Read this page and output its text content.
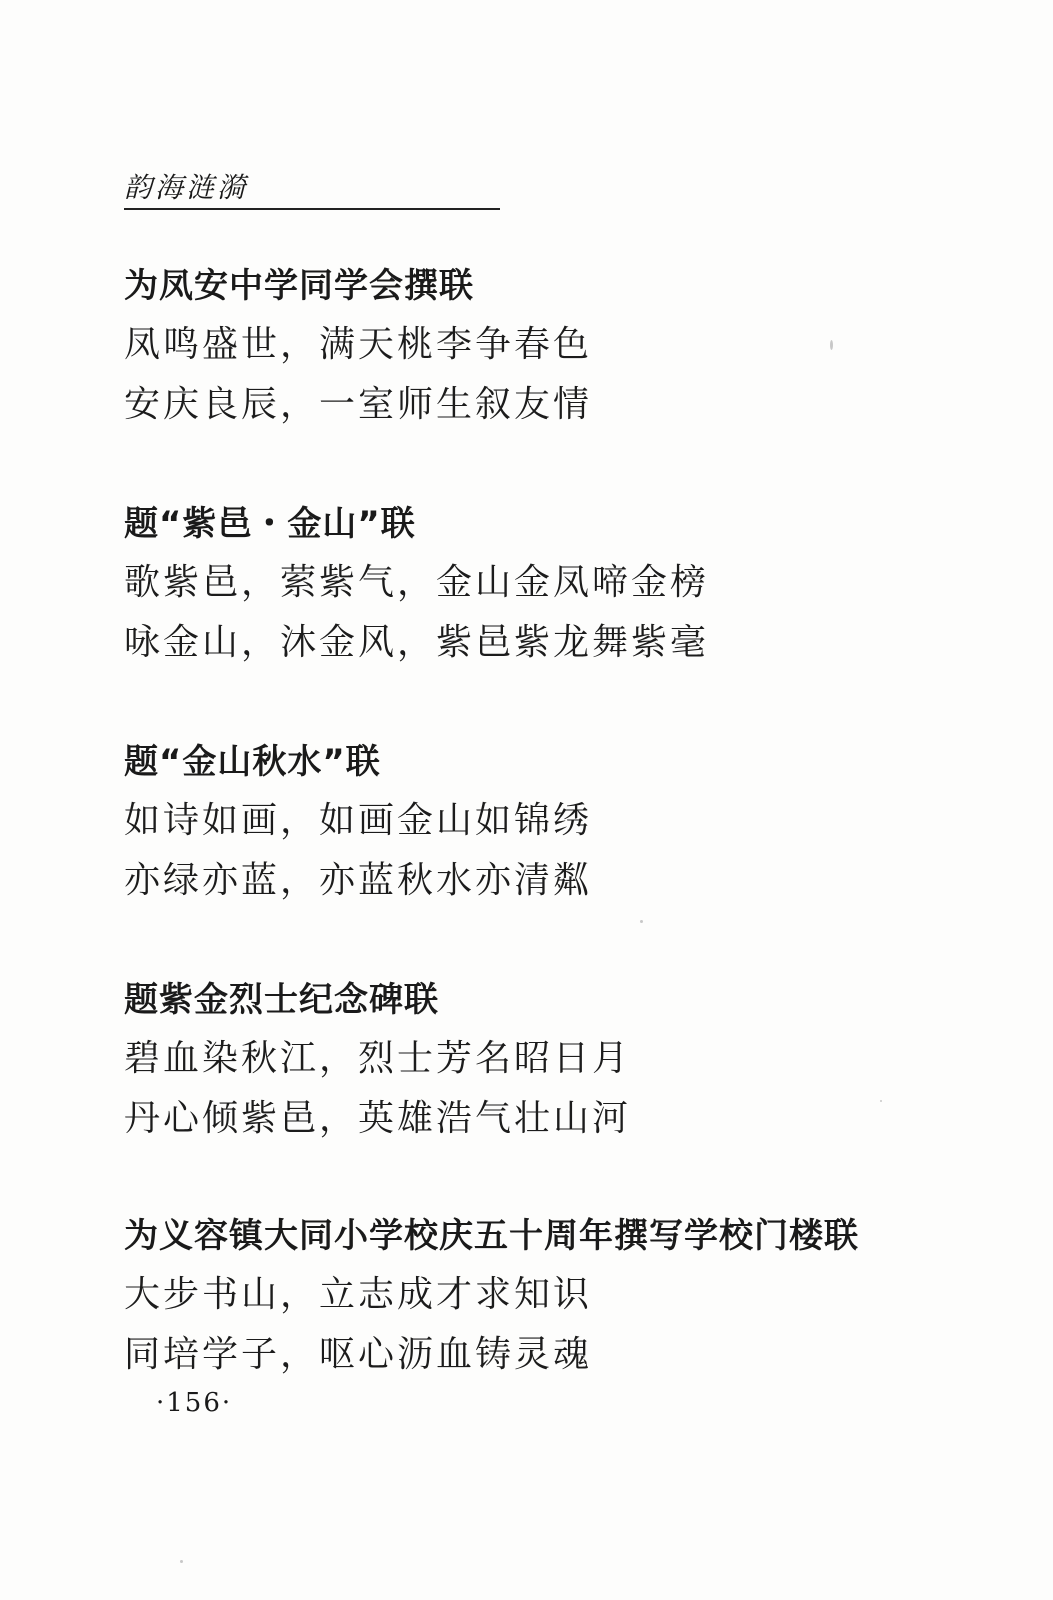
韵海涟漪
为凤安中学同学会撰联
凤鸣盛世，满天桃李争春色
安庆良辰，一室师生叙友情
题“紫邑・金山”联
歌紫邑，萦紫气，金山金凤啼金榜
咏金山，沐金风，紫邑紫龙舞紫毫
题“金山秋水”联
如诗如画，如画金山如锦绣
亦绿亦蓝，亦蓝秋水亦清粼
题紫金烈士纪念碑联
碧血染秋江，烈士芳名昭日月
丹心倾紫邑，英雄浩气壮山河
为义容镇大同小学校庆五十周年撰写学校门楼联
大步书山，立志成才求知识
同培学子，呕心沥血铸灵魂
·156·
